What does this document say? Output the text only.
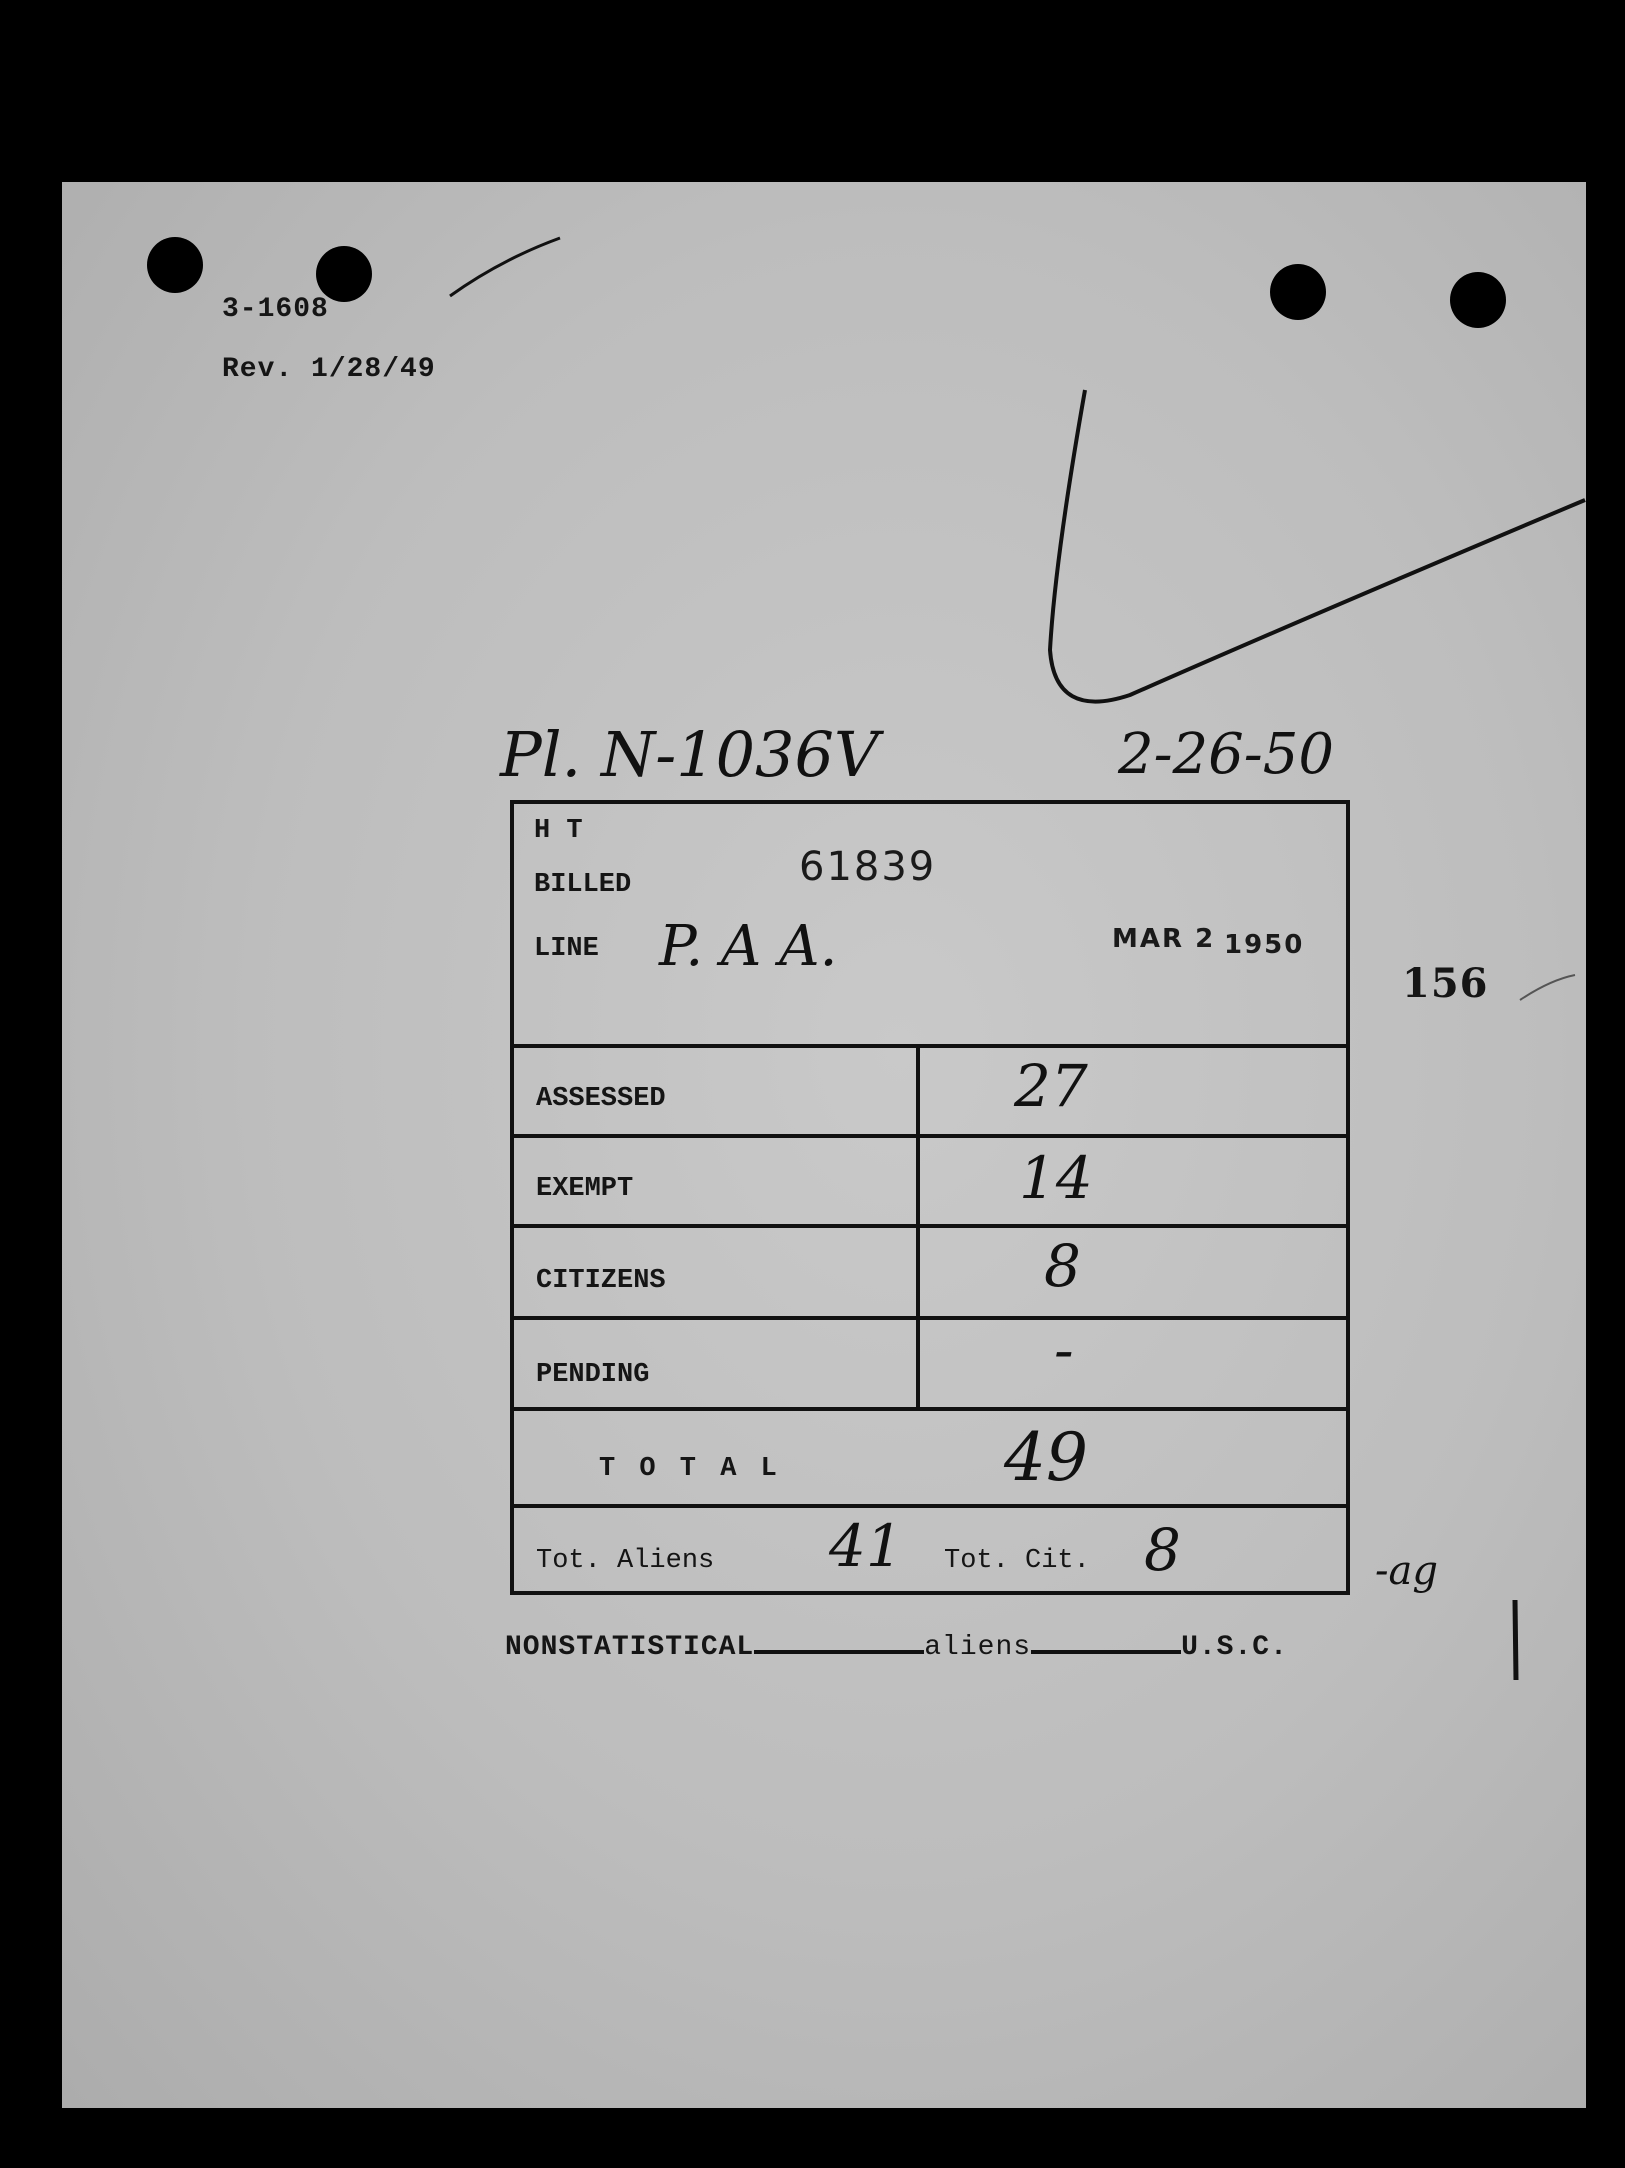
3-1608
Rev. 1/28/49
Pl. N-1036V	2-26-50
156
H T
BILLED	61839
LINE P. A A.	MAR 2 1950
ASSESSED	27
EXEMPT	14
CITIZENS	8
PENDING	-
T O T A L	49
Tot. Aliens 41 Tot. Cit. 8	-ag
NONSTATISTICAL	aliens	U.S.C.
